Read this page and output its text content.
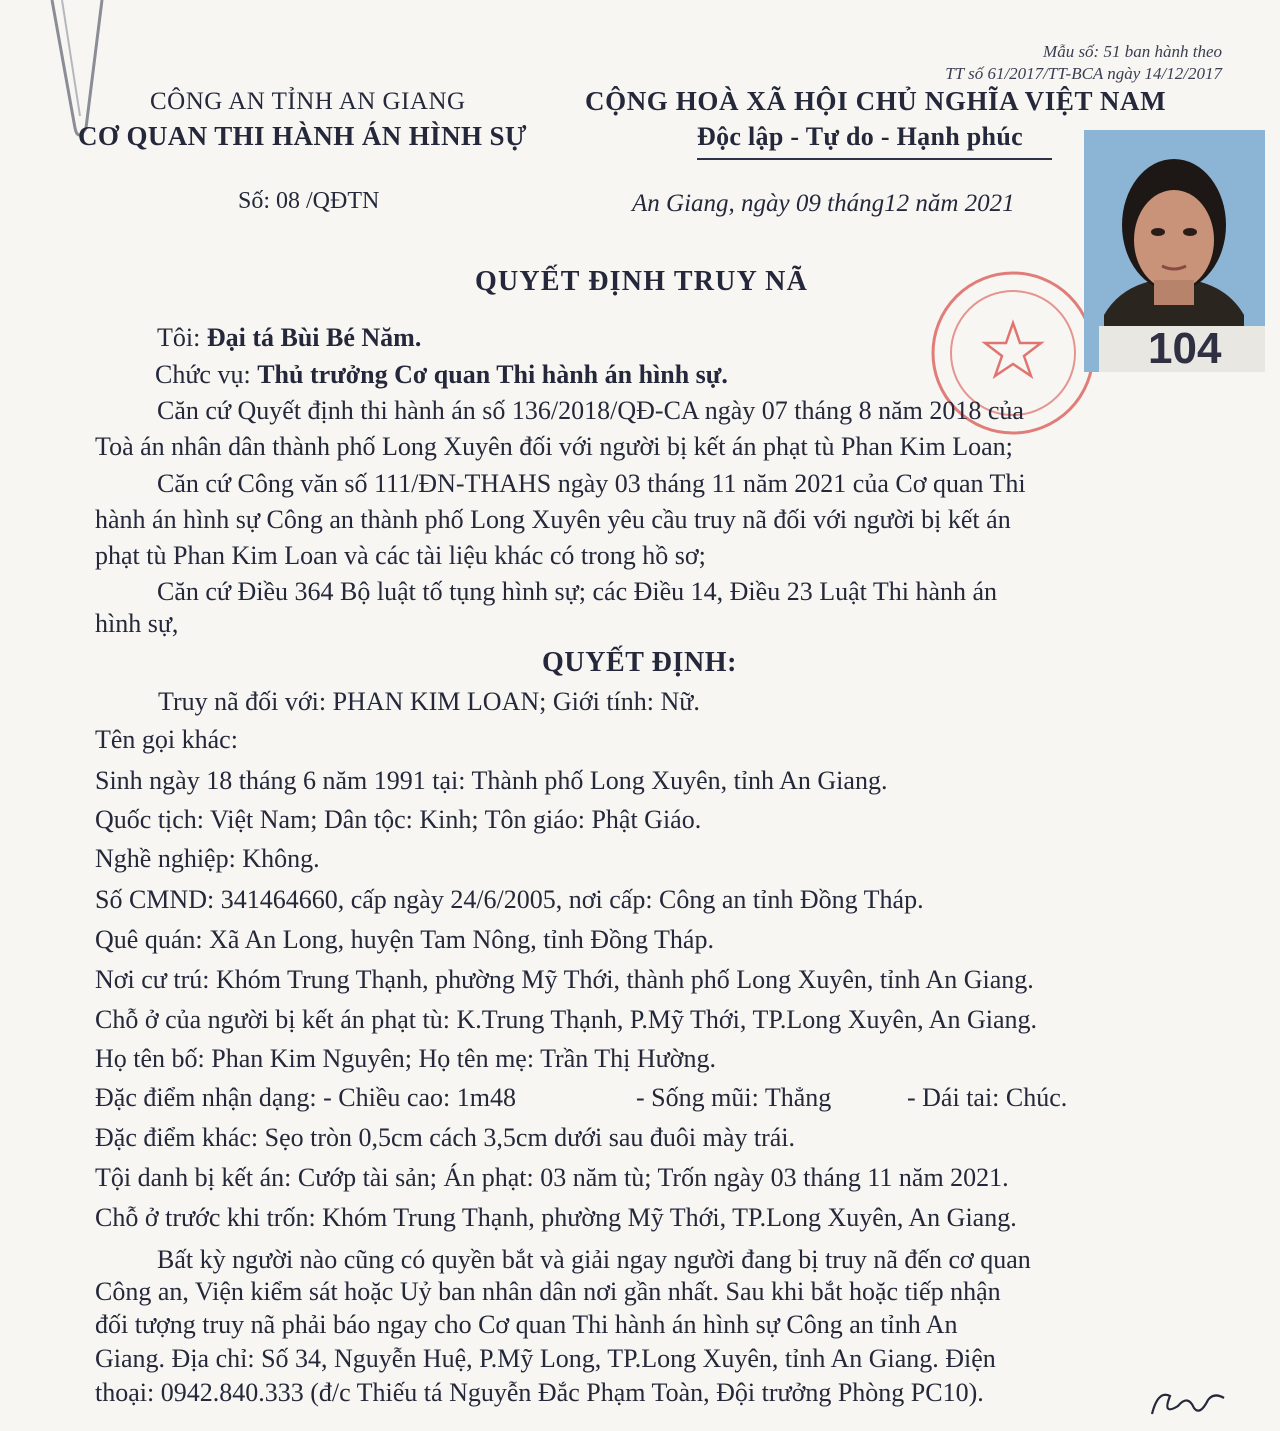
Mẫu số: 51 ban hành theo
TT số 61/2017/TT-BCA ngày 14/12/2017
CÔNG AN TỈNH AN GIANG
CƠ QUAN THI HÀNH ÁN HÌNH SỰ
Số: 08 /QĐTN
CỘNG HOÀ XÃ HỘI CHỦ NGHĨA VIỆT NAM
Độc lập - Tự do - Hạnh phúc
An Giang, ngày 09 tháng12 năm 2021
104
QUYẾT ĐỊNH TRUY NÃ
Tôi: Đại tá Bùi Bé Năm.
Chức vụ: Thủ trưởng Cơ quan Thi hành án hình sự.
Căn cứ Quyết định thi hành án số 136/2018/QĐ-CA ngày 07 tháng 8 năm 2018 của
Toà án nhân dân thành phố Long Xuyên đối với người bị kết án phạt tù Phan Kim Loan;
Căn cứ Công văn số 111/ĐN-THAHS ngày 03 tháng 11 năm 2021 của Cơ quan Thi
hành án hình sự Công an thành phố Long Xuyên yêu cầu truy nã đối với người bị kết án
phạt tù Phan Kim Loan và các tài liệu khác có trong hồ sơ;
Căn cứ Điều 364 Bộ luật tố tụng hình sự; các Điều 14, Điều 23 Luật Thi hành án
hình sự,
QUYẾT ĐỊNH:
Truy nã đối với: PHAN KIM LOAN; Giới tính: Nữ.
Tên gọi khác:
Sinh ngày 18 tháng 6 năm 1991 tại: Thành phố Long Xuyên, tỉnh An Giang.
Quốc tịch: Việt Nam; Dân tộc: Kinh; Tôn giáo: Phật Giáo.
Nghề nghiệp: Không.
Số CMND: 341464660, cấp ngày 24/6/2005, nơi cấp: Công an tỉnh Đồng Tháp.
Quê quán: Xã An Long, huyện Tam Nông, tỉnh Đồng Tháp.
Nơi cư trú: Khóm Trung Thạnh, phường Mỹ Thới, thành phố Long Xuyên, tỉnh An Giang.
Chỗ ở của người bị kết án phạt tù: K.Trung Thạnh, P.Mỹ Thới, TP.Long Xuyên, An Giang.
Họ tên bố: Phan Kim Nguyên; Họ tên mẹ: Trần Thị Hường.
Đặc điểm nhận dạng: - Chiều cao: 1m48	- Sống mũi: Thẳng	- Dái tai: Chúc.
Đặc điểm khác: Sẹo tròn 0,5cm cách 3,5cm dưới sau đuôi mày trái.
Tội danh bị kết án: Cướp tài sản; Án phạt: 03 năm tù; Trốn ngày 03 tháng 11 năm 2021.
Chỗ ở trước khi trốn: Khóm Trung Thạnh, phường Mỹ Thới, TP.Long Xuyên, An Giang.
Bất kỳ người nào cũng có quyền bắt và giải ngay người đang bị truy nã đến cơ quan
Công an, Viện kiểm sát hoặc Uỷ ban nhân dân nơi gần nhất. Sau khi bắt hoặc tiếp nhận
đối tượng truy nã phải báo ngay cho Cơ quan Thi hành án hình sự Công an tỉnh An
Giang. Địa chỉ: Số 34, Nguyễn Huệ, P.Mỹ Long, TP.Long Xuyên, tỉnh An Giang. Điện
thoại: 0942.840.333 (đ/c Thiếu tá Nguyễn Đắc Phạm Toàn, Đội trưởng Phòng PC10).
